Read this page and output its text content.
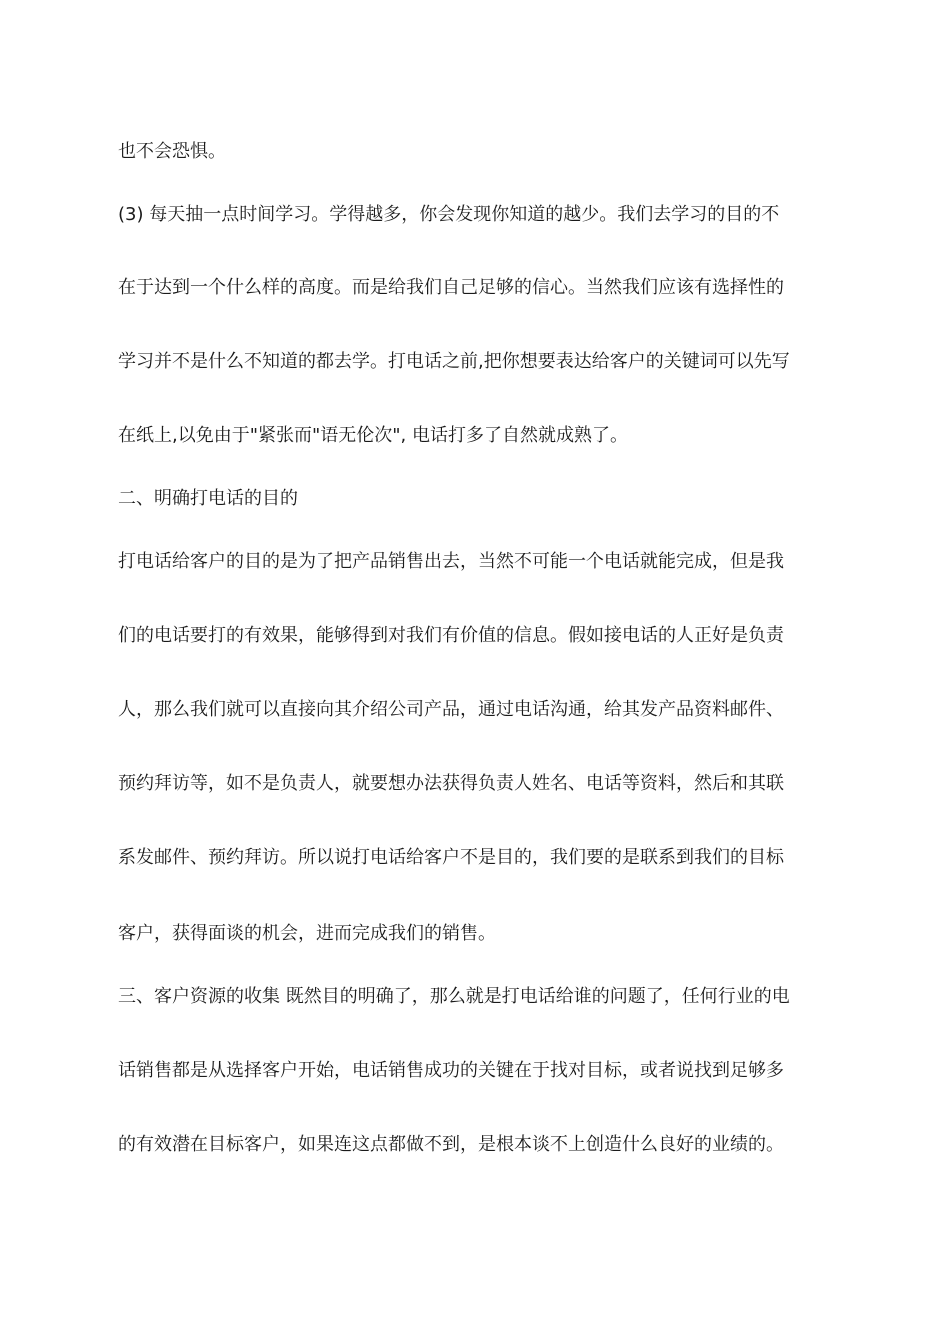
也不会恐惧。
(3) 每天抽一点时间学习。学得越多，你会发现你知道的越少。我们去学习的目的不
在于达到一个什么样的高度。而是给我们自己足够的信心。当然我们应该有选择性的
学习并不是什么不知道的都去学。打电话之前,把你想要表达给客户的关键词可以先写
在纸上,以免由于"紧张而"语无伦次", 电话打多了自然就成熟了。
二、明确打电话的目的
打电话给客户的目的是为了把产品销售出去，当然不可能一个电话就能完成，但是我
们的电话要打的有效果，能够得到对我们有价值的信息。假如接电话的人正好是负责
人，那么我们就可以直接向其介绍公司产品，通过电话沟通，给其发产品资料邮件、
预约拜访等，如不是负责人，就要想办法获得负责人姓名、电话等资料，然后和其联
系发邮件、预约拜访。所以说打电话给客户不是目的，我们要的是联系到我们的目标
客户，获得面谈的机会，进而完成我们的销售。
三、客户资源的收集 既然目的明确了，那么就是打电话给谁的问题了，任何行业的电
话销售都是从选择客户开始，电话销售成功的关键在于找对目标，或者说找到足够多
的有效潜在目标客户，如果连这点都做不到，是根本谈不上创造什么良好的业绩的。
